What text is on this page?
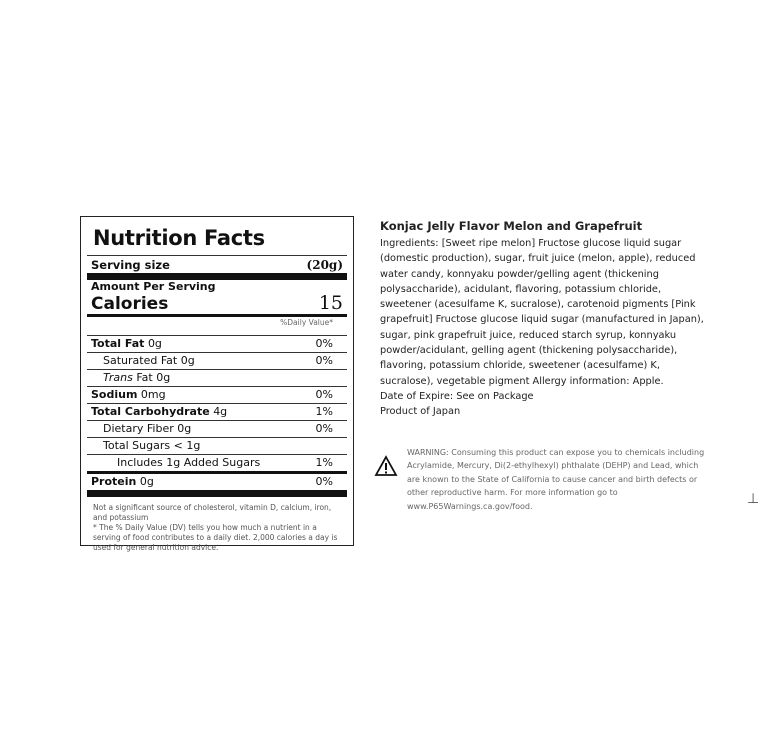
Nutrition Facts
Serving size	(20g)
Amount Per Serving
Calories	15
%Daily Value*
Total Fat 0g	0%
Saturated Fat 0g	0%
Trans Fat 0g
Sodium 0mg	0%
Total Carbohydrate 4g	1%
Dietary Fiber 0g	0%
Total Sugars < 1g
Includes 1g Added Sugars	1%
Protein 0g	0%

Not a significant source of cholesterol, vitamin D, calcium, iron, and potassium

* The % Daily Value (DV) tells you how much a nutrient in a serving of food contributes to a daily diet. 2,000 calories a day is used for general nutrition advice.

Konjac Jelly Flavor Melon and Grapefruit

Ingredients: [Sweet ripe melon] Fructose glucose liquid sugar (domestic production), sugar, fruit juice (melon, apple), reduced water candy, konnyaku powder/gelling agent (thickening polysaccharide), acidulant, flavoring, potassium chloride, sweetener (acesulfame K, sucralose), carotenoid pigments [Pink grapefruit] Fructose glucose liquid sugar (manufactured in Japan), sugar, pink grapefruit juice, reduced starch syrup, konnyaku powder/acidulant, gelling agent (thickening polysaccharide), flavoring, potassium chloride, sweetener (acesulfame) K, sucralose), vegetable pigment Allergy information: Apple.

Date of Expire: See on Package

Product of Japan

WARNING: Consuming this product can expose you to chemicals including Acrylamide, Mercury, Di(2-ethylhexyl) phthalate (DEHP) and Lead, which are known to the State of California to cause cancer and birth defects or other reproductive harm. For more information go to www.P65Warnings.ca.gov/food.	⊥
